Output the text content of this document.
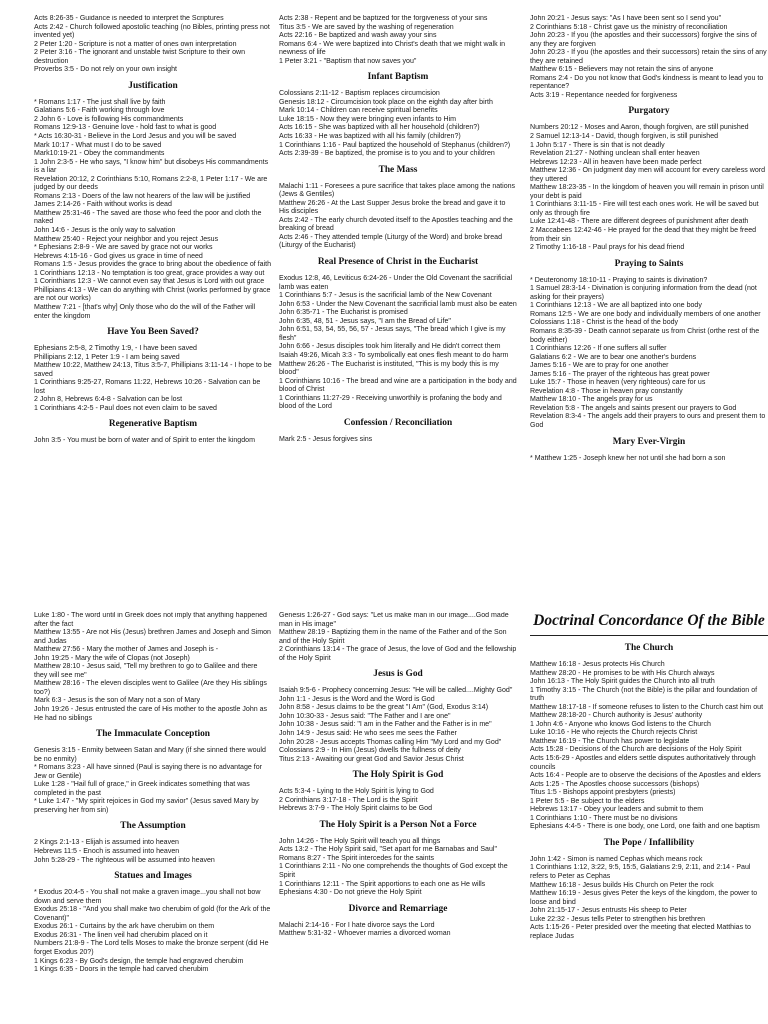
Acts 8:26-35 - Guidance is needed to interpret the Scriptures

Acts 2:42 - Church followed apostolic teaching (no Bibles, printing press not invented yet)

2 Peter 1:20 - Scripture is not a matter of ones own interpretation

2 Peter 3:16 - The ignorant and unstable twist Scripture to their own destruction

Proverbs 3:5 - Do not rely on your own insight

Justification

* Romans 1:17 - The just shall live by faith

Galatians 5:6 - Faith working through love

2 John 6 - Love is following His commandments

Romans 12:9-13 - Genuine love - hold fast to what is good

* Acts 16:30-31 - Believe in the Lord Jesus and you will be saved

Mark 10:17 - What must I do to be saved

Mark10:19-21 - Obey the commandments

1 John 2:3-5 - He who says, "I know him" but disobeys His commandments is a liar

Revelation 20:12, 2 Corinthians 5:10, Romans 2:2-8, 1 Peter 1:17 - We are judged by our deeds

Romans 2:13 - Doers of the law not hearers of the law will be justified

James 2:14-26 - Faith without works is dead

Matthew 25:31-46 - The saved are those who feed the poor and cloth the naked

John 14:6 - Jesus is the only way to salvation

Matthew 25:40 - Reject your neighbor and you reject Jesus

* Ephesians 2:8-9 - We are saved by grace not our works

Hebrews 4:15-16 - God gives us grace in time of need

Romans 1:5 - Jesus provides the grace to bring about the obedience of faith

1 Corinthians 12:13 - No temptation is too great, grace provides a way out

1 Corinthians 12:3 - We cannot even say that Jesus is Lord with out grace

Phillipians 4:13 - We can do anything with Christ (works performed by grace are not our works)

Matthew 7:21 - [that's why] Only those who do the will of the Father will enter the kingdom

Have You Been Saved?

Ephesians 2:5-8, 2 Timothy 1:9, - I have been saved

Phillipians 2:12, 1 Peter 1:9 - I am being saved

Matthew 10:22, Matthew 24:13, Titus 3:5-7, Phillipians 3:11-14 - I hope to be saved

1 Corinthians 9:25-27, Romans 11:22, Hebrews 10:26 - Salvation can be lost

2 John 8, Hebrews 6:4-8 - Salvation can be lost

1 Corinthians 4:2-5 - Paul does not even claim to be saved

Regenerative Baptism

John 3:5 - You must be born of water and of Spirit to enter the kingdom

Acts 2:38 - Repent and be baptized for the forgiveness of your sins

Titus 3:5 - We are saved by the washing of regeneration

Acts 22:16 - Be baptized and wash away your sins

Romans 6:4 - We were baptized into Christ's death that we might walk in newness of life

1 Peter 3:21 - "Baptism that now saves you"

Infant Baptism

Colossians 2:11-12 - Baptism replaces circumcision

Genesis 18:12 - Circumcision took place on the eighth day after birth

Mark 10:14 - Children can receive spiritual benefits

Luke 18:15 - Now they were bringing even infants to Him

Acts 16:15 - She was baptized with all her household (children?)

Acts 16:33 - He was baptized with all his family (children?)

1 Corinthians 1:16 - Paul baptized the household of Stephanus (children?)

Acts 2:39-39 - Be baptized, the promise is to you and to your children

The Mass

Malachi 1:11 - Foresees a pure sacrifice that takes place among the nations (Jews & Gentiles)

Matthew 26:26 - At the Last Supper Jesus broke the bread and gave it to His disciples

Acts 2:42 - The early church devoted itself to the Apostles teaching and the breaking of bread

Acts 2:46 - They attended temple (Liturgy of the Word) and broke bread (Liturgy of the Eucharist)

Real Presence of Christ in the Eucharist

Exodus 12:8, 46, Leviticus 6:24-26 - Under the Old Covenant the sacrificial lamb was eaten

1 Corinthians 5:7 - Jesus is the sacrificial lamb of the New Covenant

John 6:53 - Under the New Covenant the sacrificial lamb must also be eaten

John 6:35-71 - The Eucharist is promised

John 6:35, 48, 51 - Jesus says, "I am the Bread of Life"

John 6:51, 53, 54, 55, 56, 57 - Jesus says, "The bread which I give is my flesh"

John 6:66 - Jesus disciples took him literally and He didn't correct them

Isaiah 49:26, Micah 3:3 - To symbolically eat ones flesh meant to do harm

Matthew 26:26 - The Eucharist is instituted, "This is my body this is my blood"

1 Corinthians 10:16 - The bread and wine are a participation in the body and blood of Christ

1 Corinthians 11:27-29 - Receiving unworthily is profaning the body and blood of the Lord

Confession / Reconciliation

Mark 2:5 - Jesus forgives sins

John 20:21 - Jesus says: "As I have been sent so I send you"

2 Corinthians 5:18 - Christ gave us the ministry of reconciliation

John 20:23 - If you (the apostles and their successors) forgive the sins of any they are forgiven

John 20:23 - If you (the apostles and their successors) retain the sins of any they are retained

Matthew 6:15 - Believers may not retain the sins of anyone

Romans 2:4 - Do you not know that God's kindness is meant to lead you to repentance?

Acts 3:19 - Repentance needed for forgiveness

Purgatory

Numbers 20:12 - Moses and Aaron, though forgiven, are still punished

2 Samuel 12:13-14 - David, though forgiven, is still punished

1 John 5:17 - There is sin that is not deadly

Revelation 21:27 - Nothing unclean shall enter heaven

Hebrews 12:23 - All in heaven have been made perfect

Matthew 12:36 - On judgment day men will account for every careless word they uttered

Matthew 18:23-35 - In the kingdom of heaven you will remain in prison until your debt is paid

1 Corinthians 3:11-15 - Fire will test each ones work. He will be saved but only as through fire

Luke 12:41-48 - There are different degrees of punishment after death

2 Maccabees 12:42-46 - He prayed for the dead that they might be freed from their sin

2 Timothy 1:16-18 - Paul prays for his dead friend

Praying to Saints

* Deuteronomy 18:10-11 - Praying to saints is divination?

1 Samuel 28:3-14 - Divination is conjuring information from the dead (not asking for their prayers)

1 Corinthians 12:13 - We are all baptized into one body

Romans 12:5 - We are one body and individually members of one another

Colossians 1:18 - Christ is the head of the body

Romans 8:35-39 - Death cannot separate us from Christ (orthe rest of the body either)

1 Corinthians 12:26 - If one suffers all suffer

Galatians 6:2 - We are to bear one another's burdens

James 5:16 - We are to pray for one another

James 5:16 - The prayer of the righteous has great power

Luke 15:7 - Those in heaven (very righteous) care for us

Revelation 4:8 - Those in heaven pray constantly

Matthew 18:10 - The angels pray for us

Revelation 5:8 - The angels and saints present our prayers to God

Revelation 8:3-4 - The angels add their prayers to ours and present them to God

Mary Ever-Virgin

* Matthew 1:25 - Joseph knew her not until she had born a son

Luke 1:80 - The word until in Greek does not imply that anything happened after the fact

Matthew 13:55 - Are not His (Jesus) brethren James and Joseph and Simon and Judas

Matthew 27:56 - Mary the mother of James and Joseph is -

John 19:25 - Mary the wife of Clopas (not Joseph)

Matthew 28:10 - Jesus said, "Tell my brethren to go to Galilee and there they will see me"

Matthew 28:16 - The eleven disciples went to Galilee (Are they His siblings too?)

Mark 6:3 - Jesus is the son of Mary not a son of Mary

John 19:26 - Jesus entrusted the care of His mother to the apostle John as He had no siblings

The Immaculate Conception

Genesis 3:15 - Enmity between Satan and Mary (if she sinned there would be no enmity)

* Romans 3:23 - All have sinned (Paul is saying there is no advantage for Jew or Gentile)

Luke 1:28 - "Hail full of grace," in Greek indicates something that was completed in the past

* Luke 1:47 - "My spirit rejoices in God my savior" (Jesus saved Mary by preserving her from sin)

The Assumption

2 Kings 2:1-13 - Elijah is assumed into heaven

Hebrews 11:5 - Enoch is assumed into heaven

John 5:28-29 - The righteous will be assumed into heaven

Statues and Images

* Exodus 20:4-5 - You shall not make a graven image...you shall not bow down and serve them

Exodus 25:18 - "And you shall make two cherubim of gold (for the Ark of the Covenant)"

Exodus 26:1 - Curtains by the ark have cherubim on them

Exodus 26:31 - The linen veil had cherubim placed on it

Numbers 21:8-9 - The Lord tells Moses to make the bronze serpent (did He forget Exodus 20?)

1 Kings 6:23 - By God's design, the temple had engraved cherubim

1 Kings 6:35 - Doors in the temple had carved cherubim

Genesis 1:26-27 - God says: "Let us make man in our image....God made man in His image"

Matthew 28:19 - Baptizing them in the name of the Father and of the Son and of the Holy Spirit

2 Corinthians 13:14 - The grace of Jesus, the love of God and the fellowship of the Holy Spirit

Jesus is God

Isaiah 9:5-6 - Prophecy concerning Jesus: "He will be called....Mighty God"

John 1:1 - Jesus is the Word and the Word is God

John 8:58 - Jesus claims to be the great "I Am" (God, Exodus 3:14)

John 10:30-33 - Jesus said: "The Father and I are one"

John 10:38 - Jesus said: "I am in the Father and the Father is in me"

John 14:9 - Jesus said: He who sees me sees the Father

John 20:28 - Jesus accepts Thomas calling Him "My Lord and my God"

Colossians 2:9 - In Him (Jesus) dwells the fullness of deity

Titus 2:13 - Awaiting our great God and Savior Jesus Christ

The Holy Spirit is God

Acts 5:3-4 - Lying to the Holy Spirit is lying to God

2 Corinthians 3:17-18 - The Lord is the Spirit

Hebrews 3:7-9 - The Holy Spirit claims to be God

The Holy Spirit is a Person Not a Force

John 14:26 - The Holy Spirit will teach you all things

Acts 13:2 - The Holy Spirit said, "Set apart for me Barnabas and Saul"

Romans 8:27 - The Spirit intercedes for the saints

1 Corinthians 2:11 - No one comprehends the thoughts of God except the Spirit

1 Corinthians 12:11 - The Spirit apportions to each one as He wills

Ephesians 4:30 - Do not grieve the Holy Spirit

Divorce and Remarriage

Malachi 2:14-16 - For I hate divorce says the Lord

Matthew 5:31-32 - Whoever marries a divorced woman

Doctrinal Concordance Of the Bible
The Church

Matthew 16:18 - Jesus protects His Church

Matthew 28:20 - He promises to be with His Church always

John 16:13 - The Holy Spirit guides the Church into all truth

1 Timothy 3:15 - The Church (not the Bible) is the pillar and foundation of truth

Matthew 18:17-18 - If someone refuses to listen to the Church cast him out

Matthew 28:18-20 - Church authority is Jesus' authority

1 John 4:6 - Anyone who knows God listens to the Church

Luke 10:16 - He who rejects the Church rejects Christ

Matthew 16:19 - The Church has power to legislate

Acts 15:28 - Decisions of the Church are decisions of the Holy Spirit

Acts 15:6-29 - Apostles and elders settle disputes authoritatively through councils

Acts 16:4 - People are to observe the decisions of the Apostles and elders

Acts 1:25 - The Apostles choose successors (bishops)

Titus 1:5 - Bishops appoint presbyters (priests)

1 Peter 5:5 - Be subject to the elders

Hebrews 13:17 - Obey your leaders and submit to them

1 Corinthians 1:10 - There must be no divisions

Ephesians 4:4-5 - There is one body, one Lord, one faith and one baptism

The Pope / Infallibility

John 1:42 - Simon is named Cephas which means rock

1 Corinthians 1:12, 3:22, 9:5, 15:5, Galatians 2:9, 2:11, and 2:14 - Paul refers to Peter as Cephas

Matthew 16:18 - Jesus builds His Church on Peter the rock

Matthew 16:19 - Jesus gives Peter the keys of the kingdom, the power to loose and bind

John 21:15-17 - Jesus entrusts His sheep to Peter

Luke 22:32 - Jesus tells Peter to strengthen his brethren

Acts 1:15-26 - Peter presided over the meeting that elected Matthias to replace Judas
